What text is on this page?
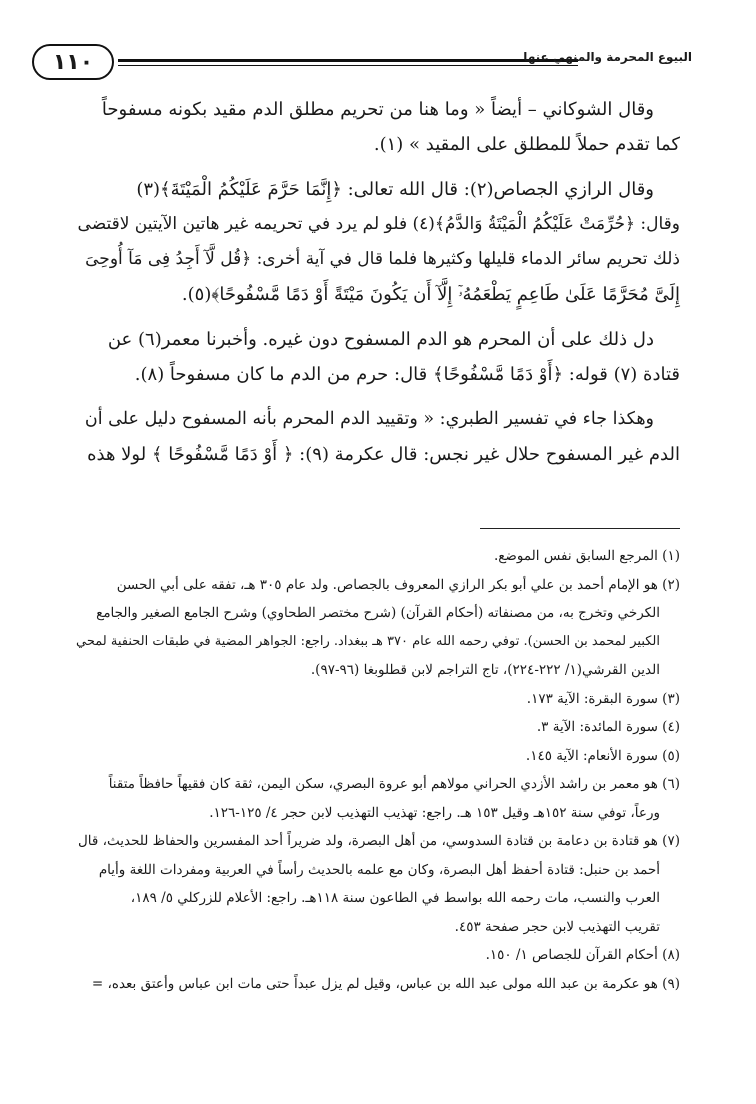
١١٠	البيوع المحرمة والمنهي عنها

وقال الشوكاني – أيضاً « وما هنا من تحريم مطلق الدم مقيد بكونه مسفوحاً
كما تقدم حملاً للمطلق على المقيد » (١).

وقال الرازي الجصاص(٢): قال الله تعالى: ﴿إِنَّمَا حَرَّمَ عَلَيْكُمُ الْمَيْتَةَ﴾(٣)
وقال: ﴿حُرِّمَتْ عَلَيْكُمُ الْمَيْتَةُ وَالدَّمُ﴾(٤) فلو لم يرد في تحريمه غير هاتين الآيتين لاقتضى
ذلك تحريم سائر الدماء قليلها وكثيرها فلما قال في آية أخرى: ﴿قُل لَّآ أَجِدُ فِى مَآ أُوحِىَ
إِلَىَّ مُحَرَّمًا عَلَىٰ طَاعِمٍ يَطْعَمُهُۥٓ إِلَّآ أَن يَكُونَ مَيْتَةً أَوْ دَمًا مَّسْفُوحًا﴾(٥).

دل ذلك على أن المحرم هو الدم المسفوح دون غيره. وأخبرنا معمر(٦) عن
قتادة (٧) قوله: ﴿أَوْ دَمًا مَّسْفُوحًا﴾ قال: حرم من الدم ما كان مسفوحاً (٨).

وهكذا جاء في تفسير الطبري: « وتقييد الدم المحرم بأنه المسفوح دليل على أن
الدم غير المسفوح حلال غير نجس: قال عكرمة (٩): ﴿ أَوْ دَمًا مَّسْفُوحًا ﴾ لولا هذه

(١) المرجع السابق نفس الموضع.

(٢) هو الإمام أحمد بن علي أبو بكر الرازي المعروف بالجصاص. ولد عام ٣٠٥ هـ، تفقه على أبي الحسن
الكرخي وتخرج به، من مصنفاته (أحكام القرآن) (شرح مختصر الطحاوي) وشرح الجامع الصغير والجامع
الكبير لمحمد بن الحسن). توفي رحمه الله عام ٣٧٠ هـ ببغداد. راجع: الجواهر المضية في طبقات الحنفية لمحي
الدين القرشي(١/ ٢٢٢-٢٢٤)، تاج التراجم لابن قطلوبغا (٩٦-٩٧).

(٣) سورة البقرة: الآية ١٧٣.

(٤) سورة المائدة: الآية ٣.

(٥) سورة الأنعام: الآية ١٤٥.

(٦) هو معمر بن راشد الأزدي الحراني مولاهم أبو عروة البصري، سكن اليمن، ثقة كان فقيهاً حافظاً متقناً
ورعاً، توفي سنة ١٥٢هـ وقيل ١٥٣ هـ. راجع: تهذيب التهذيب لابن حجر ٤/ ١٢٥-١٢٦.

(٧) هو قتادة بن دعامة بن قتادة السدوسي، من أهل البصرة، ولد ضريراً أحد المفسرين والحفاظ للحديث، قال
أحمد بن حنبل: قتادة أحفظ أهل البصرة، وكان مع علمه بالحديث رأساً في العربية ومفردات اللغة وأيام
العرب والنسب، مات رحمه الله بواسط في الطاعون سنة ١١٨هـ. راجع: الأعلام للزركلي ٥/ ١٨٩،
تقريب التهذيب لابن حجر صفحة ٤٥٣.

(٨) أحكام القرآن للجصاص ١/ ١٥٠.

(٩) هو عكرمة بن عبد الله مولى عبد الله بن عباس، وقيل لم يزل عبداً حتى مات ابن عباس وأعتق بعده، =
